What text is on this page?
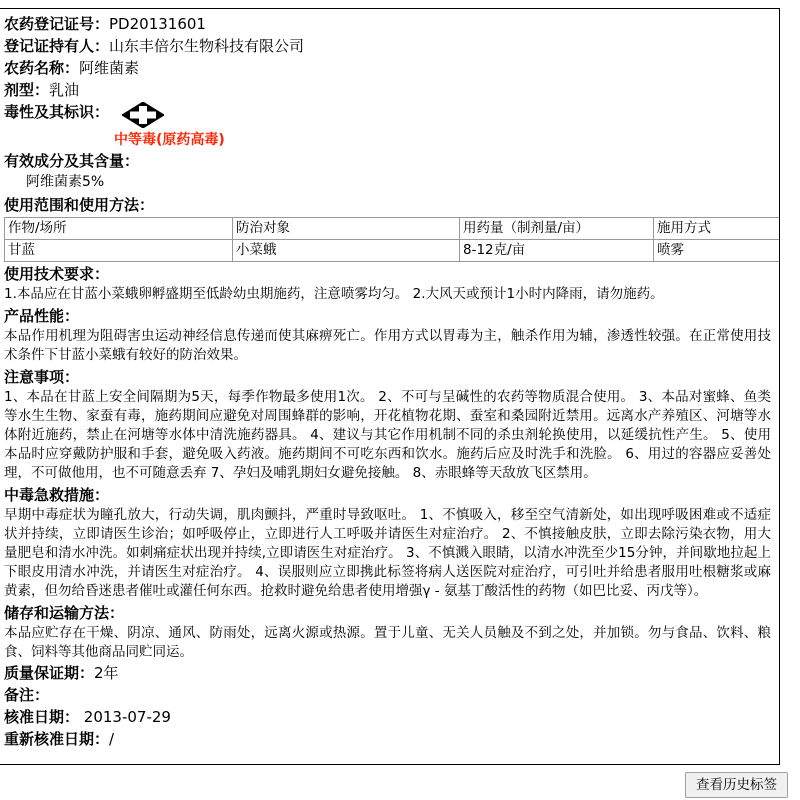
农药登记证号：PD20131601
登记证持有人：山东丰倍尔生物科技有限公司
农药名称：阿维菌素
剂型：乳油
毒性及其标识：
中等毒(原药高毒)
有效成分及其含量：
阿维菌素5%
使用范围和使用方法：
作物/场所	防治对象	用药量（制剂量/亩）	施用方式
甘蓝	小菜蛾	8-12克/亩	喷雾
使用技术要求：

1.本品应在甘蓝小菜蛾卵孵盛期至低龄幼虫期施药，注意喷雾均匀。 2.大风天或预计1小时内降雨，请勿施药。

产品性能：

本品作用机理为阻碍害虫运动神经信息传递而使其麻痹死亡。作用方式以胃毒为主，触杀作用为辅，渗透性较强。在正常使用技术条件下甘蓝小菜蛾有较好的防治效果。

注意事项：

1、本品在甘蓝上安全间隔期为5天，每季作物最多使用1次。 2、不可与呈碱性的农药等物质混合使用。 3、本品对蜜蜂、鱼类等水生生物、家蚕有毒，施药期间应避免对周围蜂群的影响，开花植物花期、蚕室和桑园附近禁用。远离水产养殖区、河塘等水体附近施药，禁止在河塘等水体中清洗施药器具。 4、建议与其它作用机制不同的杀虫剂轮换使用，以延缓抗性产生。 5、使用本品时应穿戴防护服和手套，避免吸入药液。施药期间不可吃东西和饮水。施药后应及时洗手和洗脸。 6、用过的容器应妥善处理，不可做他用，也不可随意丢弃 7、孕妇及哺乳期妇女避免接触。 8、赤眼蜂等天敌放飞区禁用。

中毒急救措施：

早期中毒症状为瞳孔放大，行动失调，肌肉颤抖，严重时导致呕吐。 1、不慎吸入，移至空气清新处，如出现呼吸困难或不适症状并持续，立即请医生诊治；如呼吸停止，立即进行人工呼吸并请医生对症治疗。 2、不慎接触皮肤，立即去除污染衣物，用大量肥皂和清水冲洗。如刺痛症状出现并持续,立即请医生对症治疗。 3、不慎溅入眼睛，以清水冲洗至少15分钟，并间歇地拉起上下眼皮用清水冲洗，并请医生对症治疗。 4、误服则应立即携此标签将病人送医院对症治疗，可引吐并给患者服用吐根糖浆或麻黄素，但勿给昏迷患者催吐或灌任何东西。抢救时避免给患者使用增强γ - 氨基丁酸活性的药物（如巴比妥、丙戊等）。

储存和运输方法：

本品应贮存在干燥、阴凉、通风、防雨处，远离火源或热源。置于儿童、无关人员触及不到之处，并加锁。勿与食品、饮料、粮食、饲料等其他商品同贮同运。

质量保证期：2年
备注：
核准日期： 2013-07-29
重新核准日期：/
查看历史标签
